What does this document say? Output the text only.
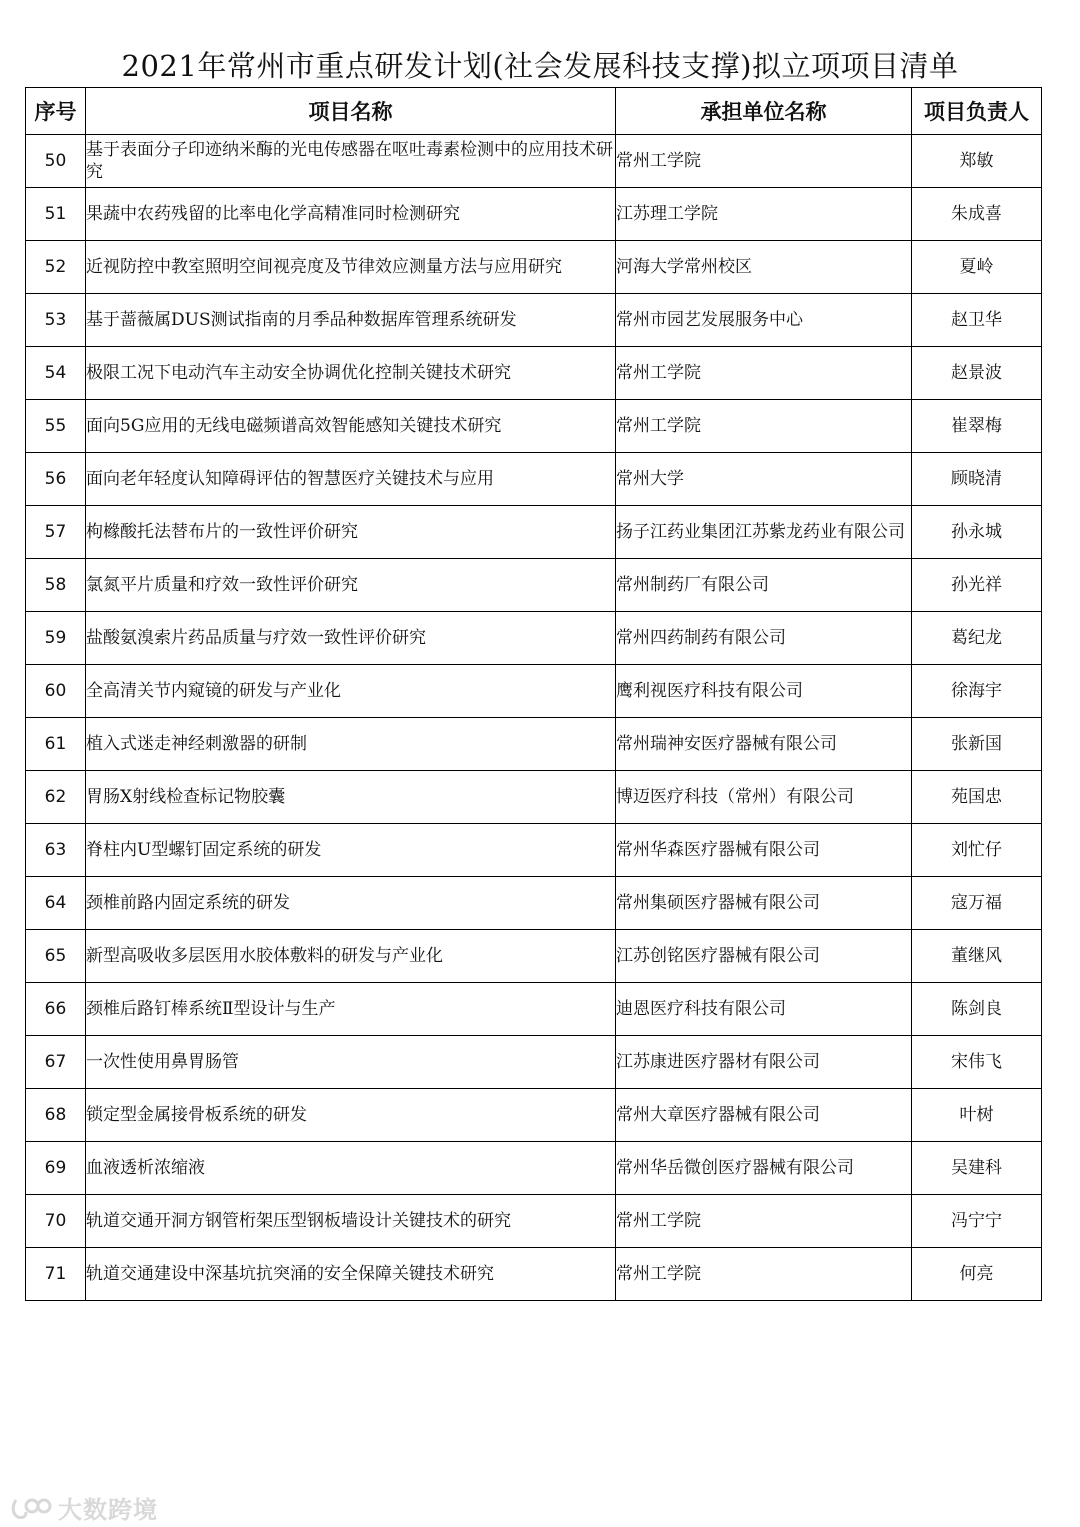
2021年常州市重点研发计划(社会发展科技支撑)拟立项项目清单
序号	项目名称	承担单位名称	项目负责人
50	基于表面分子印迹纳米酶的光电传感器在呕吐毒素检测中的应用技术研究	常州工学院	郑敏
51	果蔬中农药残留的比率电化学高精准同时检测研究	江苏理工学院	朱成喜
52	近视防控中教室照明空间视亮度及节律效应测量方法与应用研究	河海大学常州校区	夏岭
53	基于蔷薇属DUS测试指南的月季品种数据库管理系统研发	常州市园艺发展服务中心	赵卫华
54	极限工况下电动汽车主动安全协调优化控制关键技术研究	常州工学院	赵景波
55	面向5G应用的无线电磁频谱高效智能感知关键技术研究	常州工学院	崔翠梅
56	面向老年轻度认知障碍评估的智慧医疗关键技术与应用	常州大学	顾晓清
57	枸橼酸托法替布片的一致性评价研究	扬子江药业集团江苏紫龙药业有限公司	孙永城
58	氯氮平片质量和疗效一致性评价研究	常州制药厂有限公司	孙光祥
59	盐酸氨溴索片药品质量与疗效一致性评价研究	常州四药制药有限公司	葛纪龙
60	全高清关节内窥镜的研发与产业化	鹰利视医疗科技有限公司	徐海宇
61	植入式迷走神经刺激器的研制	常州瑞神安医疗器械有限公司	张新国
62	胃肠X射线检查标记物胶囊	博迈医疗科技（常州）有限公司	苑国忠
63	脊柱内U型螺钉固定系统的研发	常州华森医疗器械有限公司	刘忙仔
64	颈椎前路内固定系统的研发	常州集硕医疗器械有限公司	寇万福
65	新型高吸收多层医用水胶体敷料的研发与产业化	江苏创铭医疗器械有限公司	董继风
66	颈椎后路钉棒系统Ⅱ型设计与生产	迪恩医疗科技有限公司	陈剑良
67	一次性使用鼻胃肠管	江苏康进医疗器材有限公司	宋伟飞
68	锁定型金属接骨板系统的研发	常州大章医疗器械有限公司	叶树
69	血液透析浓缩液	常州华岳微创医疗器械有限公司	吴建科
70	轨道交通开洞方钢管桁架压型钢板墙设计关键技术的研究	常州工学院	冯宁宁
71	轨道交通建设中深基坑抗突涌的安全保障关键技术研究	常州工学院	何亮
大数跨境
